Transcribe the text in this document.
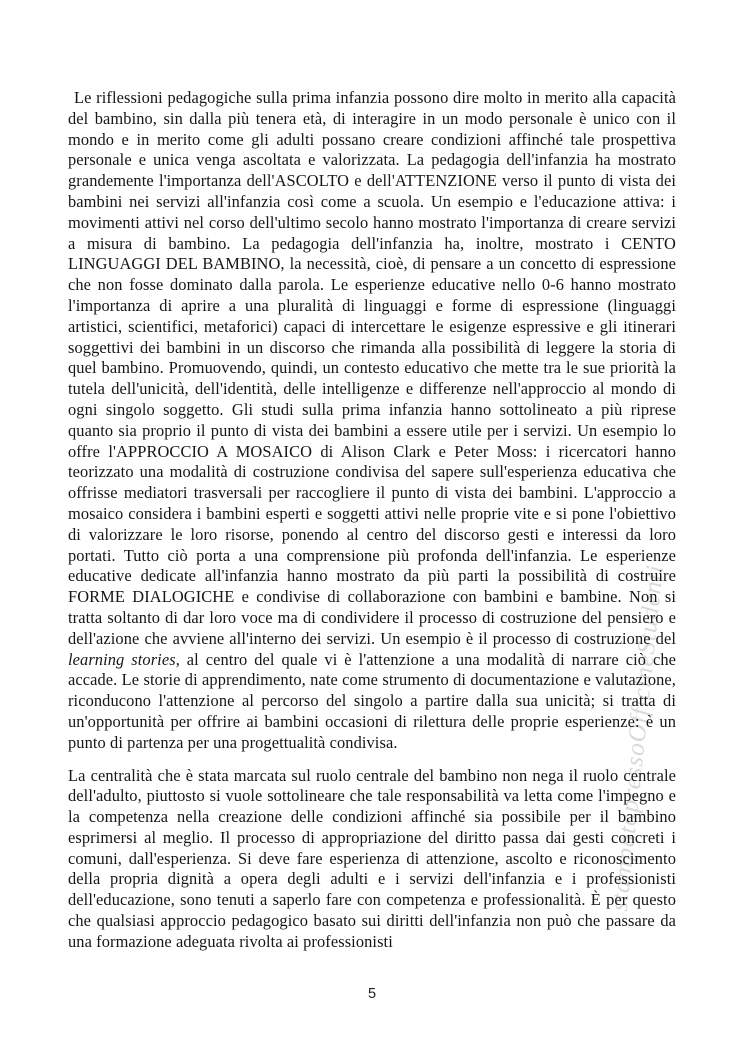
stampatopressoOfficineStudenti

Le riflessioni pedagogiche sulla prima infanzia possono dire molto in merito alla capacità del bambino, sin dalla più tenera età, di interagire in un modo personale è unico con il mondo e in merito come gli adulti possano creare condizioni affinché tale prospettiva personale e unica venga ascoltata e valorizzata. La pedagogia dell'infanzia ha mostrato grandemente l'importanza dell'ASCOLTO e dell'ATTENZIONE verso il punto di vista dei bambini nei servizi all'infanzia così come a scuola. Un esempio e l'educazione attiva: i movimenti attivi nel corso dell'ultimo secolo hanno mostrato l'importanza di creare servizi a misura di bambino. La pedagogia dell'infanzia ha, inoltre, mostrato i CENTO LINGUAGGI DEL BAMBINO, la necessità, cioè, di pensare a un concetto di espressione che non fosse dominato dalla parola. Le esperienze educative nello 0-6 hanno mostrato l'importanza di aprire a una pluralità di linguaggi e forme di espressione (linguaggi artistici, scientifici, metaforici) capaci di intercettare le esigenze espressive e gli itinerari soggettivi dei bambini in un discorso che rimanda alla possibilità di leggere la storia di quel bambino. Promuovendo, quindi, un contesto educativo che mette tra le sue priorità la tutela dell'unicità, dell'identità, delle intelligenze e differenze nell'approccio al mondo di ogni singolo soggetto. Gli studi sulla prima infanzia hanno sottolineato a più riprese quanto sia proprio il punto di vista dei bambini a essere utile per i servizi. Un esempio lo offre l'APPROCCIO A MOSAICO di Alison Clark e Peter Moss: i ricercatori hanno teorizzato una modalità di costruzione condivisa del sapere sull'esperienza educativa che offrisse mediatori trasversali per raccogliere il punto di vista dei bambini. L'approccio a mosaico considera i bambini esperti e soggetti attivi nelle proprie vite e si pone l'obiettivo di valorizzare le loro risorse, ponendo al centro del discorso gesti e interessi da loro portati. Tutto ciò porta a una comprensione più profonda dell'infanzia. Le esperienze educative dedicate all'infanzia hanno mostrato da più parti la possibilità di costruire FORME DIALOGICHE e condivise di collaborazione con bambini e bambine. Non si tratta soltanto di dar loro voce ma di condividere il processo di costruzione del pensiero e dell'azione che avviene all'interno dei servizi. Un esempio è il processo di costruzione del learning stories, al centro del quale vi è l'attenzione a una modalità di narrare ciò che accade. Le storie di apprendimento, nate come strumento di documentazione e valutazione, riconducono l'attenzione al percorso del singolo a partire dalla sua unicità; si tratta di un'opportunità per offrire ai bambini occasioni di rilettura delle proprie esperienze: è un punto di partenza per una progettualità condivisa.

La centralità che è stata marcata sul ruolo centrale del bambino non nega il ruolo centrale dell'adulto, piuttosto si vuole sottolineare che tale responsabilità va letta come l'impegno e la competenza nella creazione delle condizioni affinché sia possibile per il bambino esprimersi al meglio. Il processo di appropriazione del diritto passa dai gesti concreti i comuni, dall'esperienza. Si deve fare esperienza di attenzione, ascolto e riconoscimento della propria dignità a opera degli adulti e i servizi dell'infanzia e i professionisti dell'educazione, sono tenuti a saperlo fare con competenza e professionalità. È per questo che qualsiasi approccio pedagogico basato sui diritti dell'infanzia non può che passare da una formazione adeguata rivolta ai professionisti

5
